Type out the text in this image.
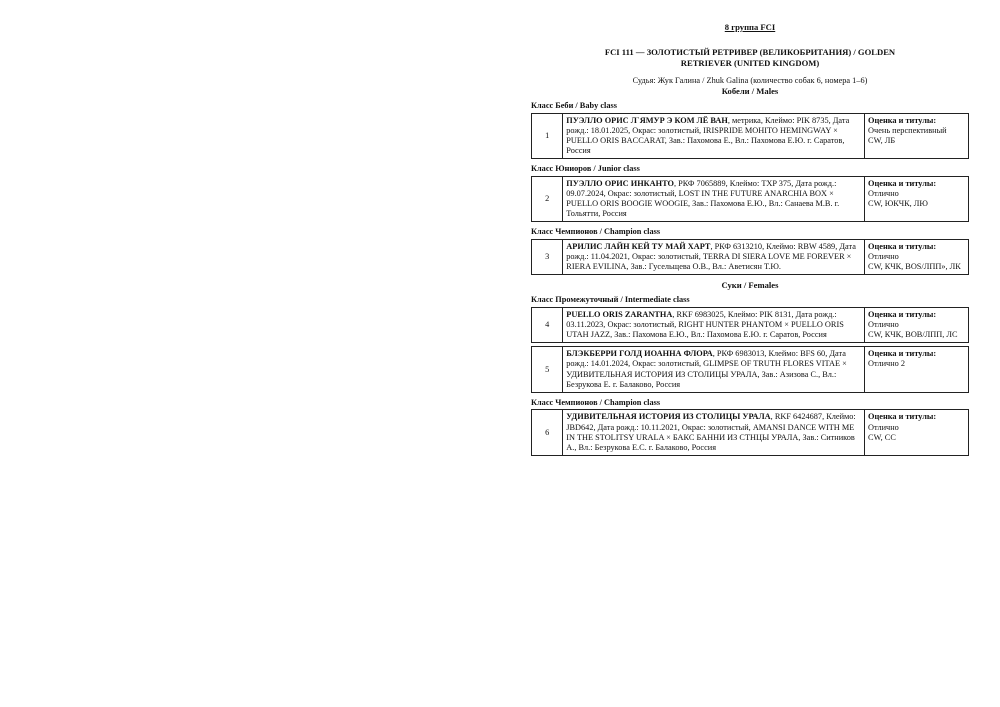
8 группа FCI
FCI 111 — ЗОЛОТИСТЫЙ РЕТРИВЕР (ВЕЛИКОБРИТАНИЯ) / GOLDEN RETRIEVER (UNITED KINGDOM)
Судья: Жук Галина / Zhuk Galina (количество собак 6, номера 1–6)
Кобели / Males
Класс Беби / Baby class
1	ПУЭЛЛО ОРИС Л`ЯМУР Э КОМ ЛЁ ВАН, метрика, Клеймо: PIK 8735, Дата рожд.: 18.01.2025, Окрас: золотистый, IRISPRIDE MOHITO HEMINGWAY × PUELLO ORIS BACCARAT, Зав.: Пахомова Е., Вл.: Пахомова Е.Ю. г. Саратов, Россия	
Оценка и титулы:
Очень перспективный
CW, ЛБ
Класс Юниоров / Junior class
2	ПУЭЛЛО ОРИС ИНКАНТО, РКФ 7065889, Клеймо: TXP 375, Дата рожд.: 09.07.2024, Окрас: золотистый, LOST IN THE FUTURE ANARCHIA BOX × PUELLO ORIS BOOGIE WOOGIE, Зав.: Пахомова Е.Ю., Вл.: Санаева М.В. г. Тольятти, Россия	
Оценка и титулы:
Отлично
CW, ЮКЧК, ЛЮ
Класс Чемпионов / Champion class
3	АРИЛИС ЛАЙН КЕЙ ТУ МАЙ ХАРТ, РКФ 6313210, Клеймо: RBW 4589, Дата рожд.: 11.04.2021, Окрас: золотистый, TERRA DI SIERA LOVE ME FOREVER × RIERA EVILINA, Зав.: Гусельщева О.В., Вл.: Аветисян Т.Ю.	
Оценка и титулы:
Отлично
CW, КЧК, BOS/ЛПП», ЛК
Суки / Females
Класс Промежуточный / Intermediate class
4	PUELLO ORIS ZARANTHA, RKF 6983025, Клеймо: PIK 8131, Дата рожд.: 03.11.2023, Окрас: золотистый, RIGHT HUNTER PHANTOM × PUELLO ORIS UTAH JAZZ, Зав.: Пахомова Е.Ю., Вл.: Пахомова Е.Ю. г. Саратов, Россия	
Оценка и титулы:
Отлично
CW, КЧК, BOB/ЛПП, ЛС
5	БЛЭКБЕРРИ ГОЛД ИОАННА ФЛОРА, РКФ 6983013, Клеймо: BFS 60, Дата рожд.: 14.01.2024, Окрас: золотистый, GLIMPSE OF TRUTH FLORES VITAE × УДИВИТЕЛЬНАЯ ИСТОРИЯ ИЗ СТОЛИЦЫ УРАЛА, Зав.: Азизова С., Вл.: Безрукова Е. г. Балаково, Россия	
Оценка и титулы:
Отлично 2
Класс Чемпионов / Champion class
6	УДИВИТЕЛЬНАЯ ИСТОРИЯ ИЗ СТОЛИЦЫ УРАЛА, RKF 6424687, Клеймо: JBD642, Дата рожд.: 10.11.2021, Окрас: золотистый, AMANSI DANCE WITH ME IN THE STOLITSY URALA × БАКС БАННИ ИЗ СТНЦЫ УРАЛА, Зав.: Ситников А., Вл.: Безрукова Е.С. г. Балаково, Россия	
Оценка и титулы:
Отлично
CW, CC
